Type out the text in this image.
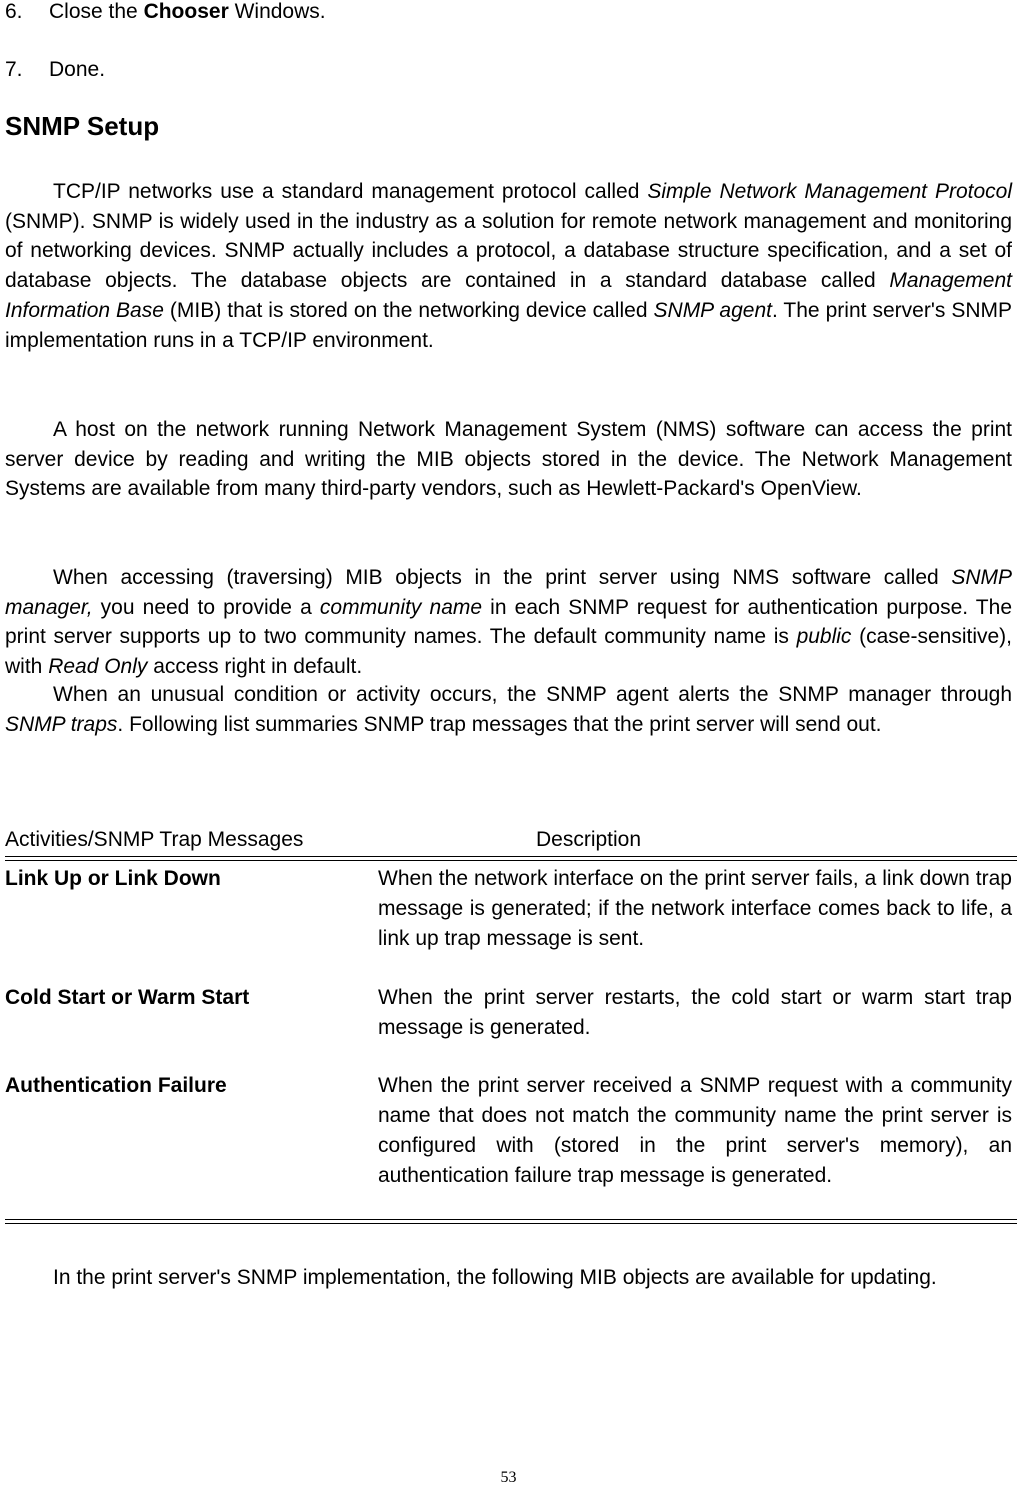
6. Close the Chooser Windows.
7. Done.
SNMP Setup
TCP/IP networks use a standard management protocol called Simple Network Management Protocol (SNMP). SNMP is widely used in the industry as a solution for remote network management and monitoring of networking devices. SNMP actually includes a protocol, a database structure specification, and a set of database objects. The database objects are contained in a standard database called Management Information Base (MIB) that is stored on the networking device called SNMP agent. The print server's SNMP implementation runs in a TCP/IP environment.
A host on the network running Network Management System (NMS) software can access the print server device by reading and writing the MIB objects stored in the device. The Network Management Systems are available from many third-party vendors, such as Hewlett-Packard's OpenView.
When accessing (traversing) MIB objects in the print server using NMS software called SNMP manager, you need to provide a community name in each SNMP request for authentication purpose. The print server supports up to two community names. The default community name is public (case-sensitive), with Read Only access right in default.
When an unusual condition or activity occurs, the SNMP agent alerts the SNMP manager through SNMP traps. Following list summaries SNMP trap messages that the print server will send out.
Activities/SNMP Trap Messages	Description
Link Up or Link Down	When the network interface on the print server fails, a link down trap message is generated; if the network interface comes back to life, a link up trap message is sent.
Cold Start or Warm Start	When the print server restarts, the cold start or warm start trap message is generated.
Authentication Failure	When the print server received a SNMP request with a community name that does not match the community name the print server is configured with (stored in the print server's memory), an authentication failure trap message is generated.
In the print server's SNMP implementation, the following MIB objects are available for updating.
53
